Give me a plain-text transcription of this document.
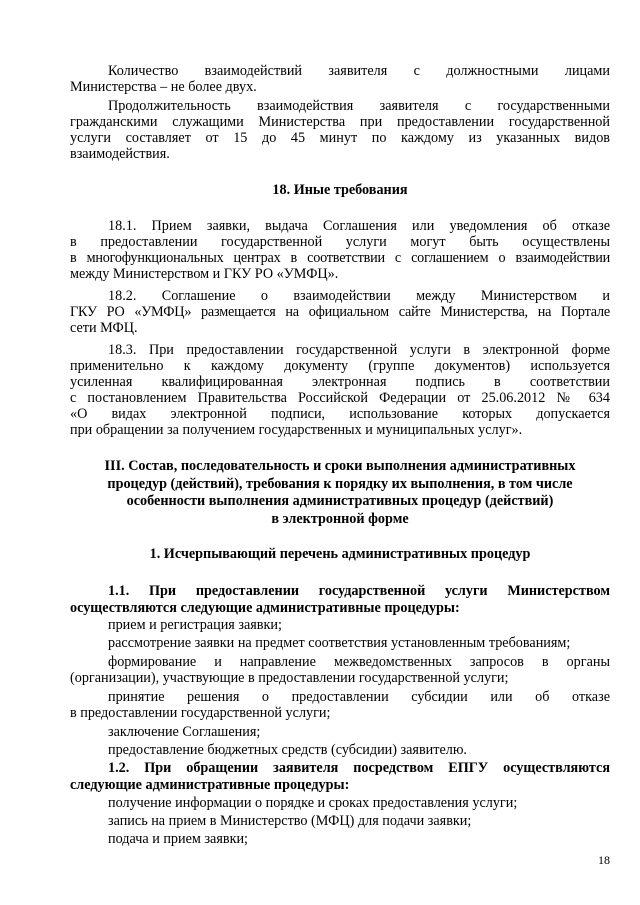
Количество взаимодействий заявителя с должностными лицами
Министерства – не более двух.
Продолжительность взаимодействия заявителя с государственными
гражданскими служащими Министерства при предоставлении государственной
услуги составляет от 15 до 45 минут по каждому из указанных видов
взаимодействия.
18. Иные требования
18.1. Прием заявки, выдача Соглашения или уведомления об отказе
в предоставлении государственной услуги могут быть осуществлены
в многофункциональных центрах в соответствии с соглашением о взаимодействии
между Министерством и ГКУ РО «УМФЦ».
18.2. Соглашение о взаимодействии между Министерством и
ГКУ РО «УМФЦ» размещается на официальном сайте Министерства, на Портале
сети МФЦ.
18.3. При предоставлении государственной услуги в электронной форме
применительно к каждому документу (группе документов) используется
усиленная квалифицированная электронная подпись в соответствии
с постановлением Правительства Российской Федерации от 25.06.2012 № 634
«О видах электронной подписи, использование которых допускается
при обращении за получением государственных и муниципальных услуг».
III. Состав, последовательность и сроки выполнения административных
процедур (действий), требования к порядку их выполнения, в том числе
особенности выполнения административных процедур (действий)
в электронной форме
1. Исчерпывающий перечень административных процедур
1.1. При предоставлении государственной услуги Министерством
осуществляются следующие административные процедуры:
прием и регистрация заявки;
рассмотрение заявки на предмет соответствия установленным требованиям;
формирование и направление межведомственных запросов в органы
(организации), участвующие в предоставлении государственной услуги;
принятие решения о предоставлении субсидии или об отказе
в предоставлении государственной услуги;
заключение Соглашения;
предоставление бюджетных средств (субсидии) заявителю.
1.2. При обращении заявителя посредством ЕПГУ осуществляются
следующие административные процедуры:
получение информации о порядке и сроках предоставления услуги;
запись на прием в Министерство (МФЦ) для подачи заявки;
подача и прием заявки;
18
